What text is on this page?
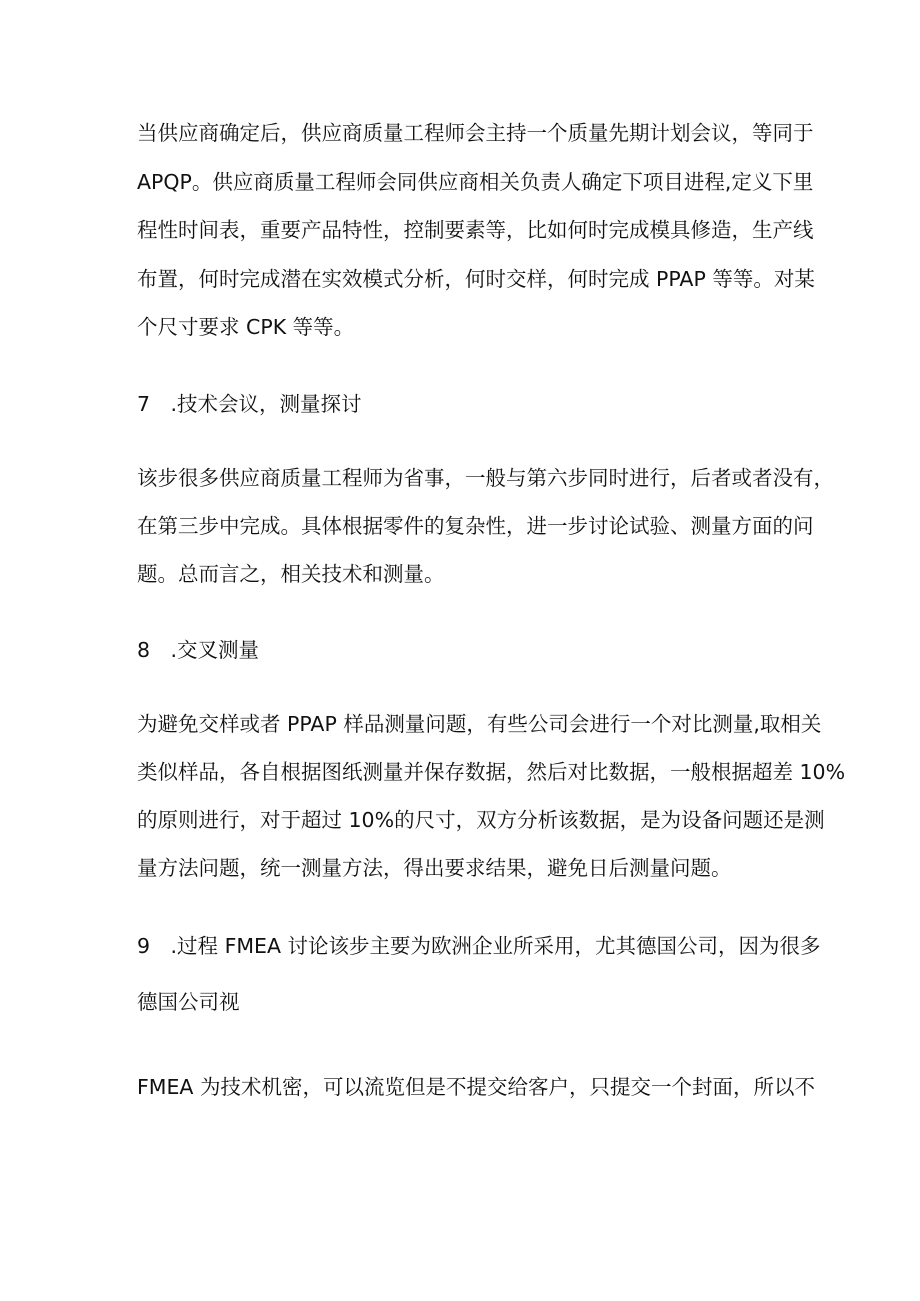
当供应商确定后，供应商质量工程师会主持一个质量先期计划会议，等同于

APQP。供应商质量工程师会同供应商相关负责人确定下项目进程,定义下里

程性时间表，重要产品特性，控制要素等，比如何时完成模具修造，生产线

布置，何时完成潜在实效模式分析，何时交样，何时完成 PPAP 等等。对某

个尺寸要求 CPK 等等。

7　.技术会议，测量探讨

该步很多供应商质量工程师为省事，一般与第六步同时进行，后者或者没有，

在第三步中完成。具体根据零件的复杂性，进一步讨论试验、测量方面的问

题。总而言之，相关技术和测量。

8　.交叉测量

为避免交样或者 PPAP 样品测量问题，有些公司会进行一个对比测量,取相关

类似样品，各自根据图纸测量并保存数据，然后对比数据，一般根据超差 10%

的原则进行，对于超过 10%的尺寸，双方分析该数据，是为设备问题还是测

量方法问题，统一测量方法，得出要求结果，避免日后测量问题。

9　.过程 FMEA 讨论该步主要为欧洲企业所采用，尤其德国公司，因为很多

德国公司视

FMEA 为技术机密，可以流览但是不提交给客户，只提交一个封面，所以不
